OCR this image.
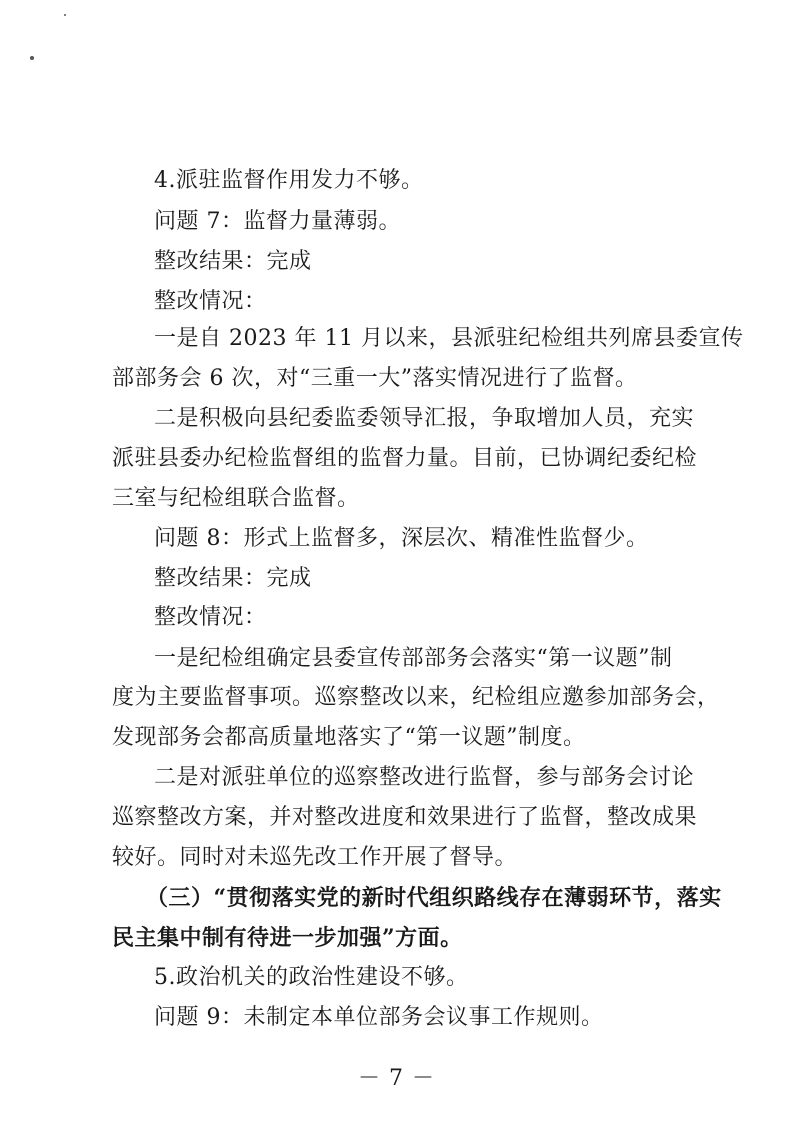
4.派驻监督作用发力不够。
问题 7：监督力量薄弱。
整改结果：完成
整改情况：
一是自 2023 年 11 月以来，县派驻纪检组共列席县委宣传
部部务会 6 次，对“三重一大”落实情况进行了监督。
二是积极向县纪委监委领导汇报，争取增加人员，充实
派驻县委办纪检监督组的监督力量。目前，已协调纪委纪检
三室与纪检组联合监督。
问题 8：形式上监督多，深层次、精准性监督少。
整改结果：完成
整改情况：
一是纪检组确定县委宣传部部务会落实“第一议题”制
度为主要监督事项。巡察整改以来，纪检组应邀参加部务会，
发现部务会都高质量地落实了“第一议题”制度。
二是对派驻单位的巡察整改进行监督，参与部务会讨论
巡察整改方案，并对整改进度和效果进行了监督，整改成果
较好。同时对未巡先改工作开展了督导。
（三）“贯彻落实党的新时代组织路线存在薄弱环节，落实
民主集中制有待进一步加强”方面。
5.政治机关的政治性建设不够。
问题 9：未制定本单位部务会议事工作规则。
－ 7 －
